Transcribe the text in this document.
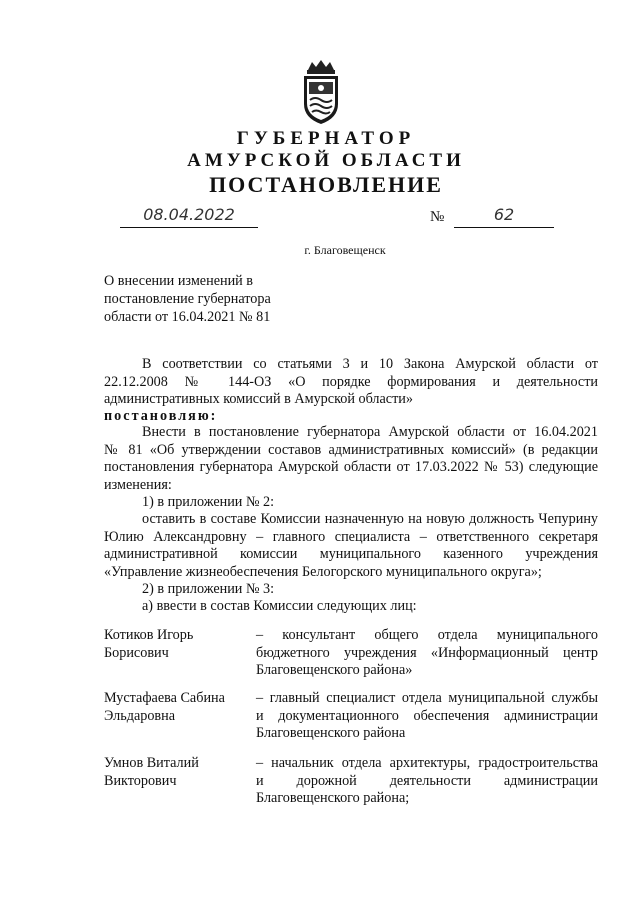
ГУБЕРНАТОР
АМУРСКОЙ ОБЛАСТИ
ПОСТАНОВЛЕНИЕ
08.04.2022	№	62
г. Благовещенск
О внесении изменений в
постановление губернатора
области от 16.04.2021 № 81
В соответствии со статьями 3 и 10 Закона Амурской области от
22.12.2008 № 144-ОЗ «О порядке формирования и деятельности
административных комиссий в Амурской области»
постановляю:
Внести в постановление губернатора Амурской области от 16.04.2021
№ 81 «Об утверждении составов административных комиссий» (в редакции
постановления губернатора Амурской области от 17.03.2022 № 53) следующие
изменения:
1) в приложении № 2:
оставить в составе Комиссии назначенную на новую должность Чепурину
Юлию Александровну – главного специалиста – ответственного секретаря
административной комиссии муниципального казенного учреждения
«Управление жизнеобеспечения Белогорского муниципального округа»;
2) в приложении № 3:
а) ввести в состав Комиссии следующих лиц:
Котиков Игорь
Борисович
– консультант общего отдела муниципального
бюджетного учреждения «Информационный центр
Благовещенского района»
Мустафаева Сабина
Эльдаровна
– главный специалист отдела муниципальной службы
и документационного обеспечения администрации
Благовещенского района
Умнов Виталий
Викторович
– начальник отдела архитектуры, градостроительства
и дорожной деятельности администрации
Благовещенского района;
